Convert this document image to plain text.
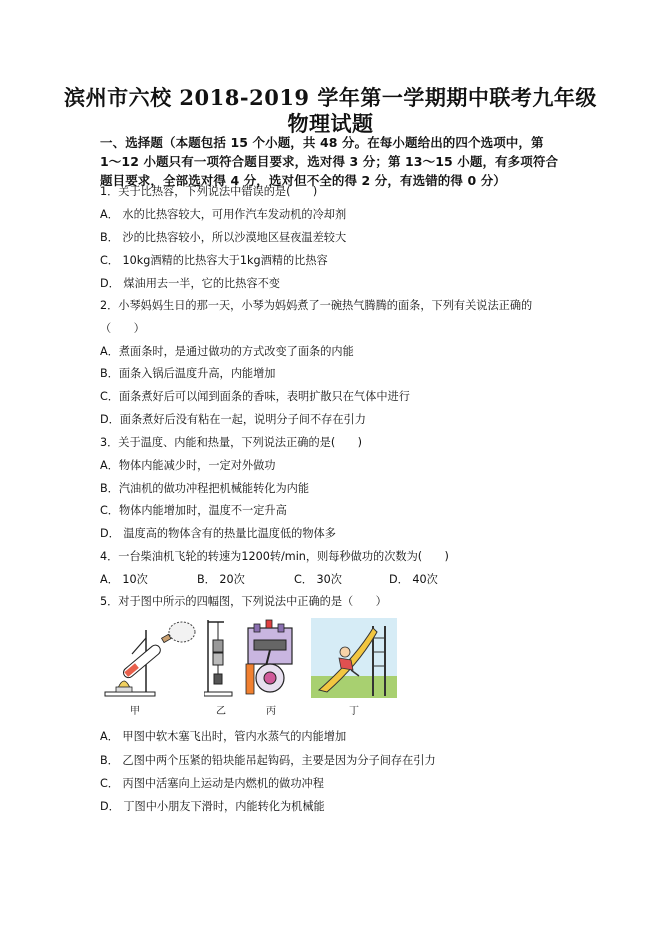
滨州市六校 2018-2019 学年第一学期期中联考九年级
物理试题
一、选择题（本题包括 15 个小题，共 48 分。在每小题给出的四个选项中，第
1～12 小题只有一项符合题目要求，选对得 3 分；第 13～15 小题，有多项符合
题目要求，全部选对得 4 分，选对但不全的得 2 分，有选错的得 0 分）
1．关于比热容，下列说法中错误的是(　　)
A． 水的比热容较大，可用作汽车发动机的冷却剂
B． 沙的比热容较小，所以沙漠地区昼夜温差较大
C． 10kg酒精的比热容大于1kg酒精的比热容
D． 煤油用去一半，它的比热容不变
2．小琴妈妈生日的那一天，小琴为妈妈煮了一碗热气腾腾的面条，下列有关说法正确的
（　　）
A．煮面条时，是通过做功的方式改变了面条的内能
B．面条入锅后温度升高，内能增加
C．面条煮好后可以闻到面条的香味，表明扩散只在气体中进行
D．面条煮好后没有粘在一起，说明分子间不存在引力
3．关于温度、内能和热量，下列说法正确的是(　　)
A．物体内能减少时，一定对外做功
B．汽油机的做功冲程把机械能转化为内能
C．物体内能增加时，温度不一定升高
D． 温度高的物体含有的热量比温度低的物体多
4．一台柴油机飞轮的转速为1200转/min，则每秒做功的次数为(　　)
A． 10次	B． 20次	C． 30次	D． 40次
5．对于图中所示的四幅图，下列说法中正确的是（　　）
甲	乙	丙	丁
A． 甲图中软木塞飞出时，管内水蒸气的内能增加
B． 乙图中两个压紧的铅块能吊起钩码，主要是因为分子间存在引力
C． 丙图中活塞向上运动是内燃机的做功冲程
D． 丁图中小朋友下滑时，内能转化为机械能
